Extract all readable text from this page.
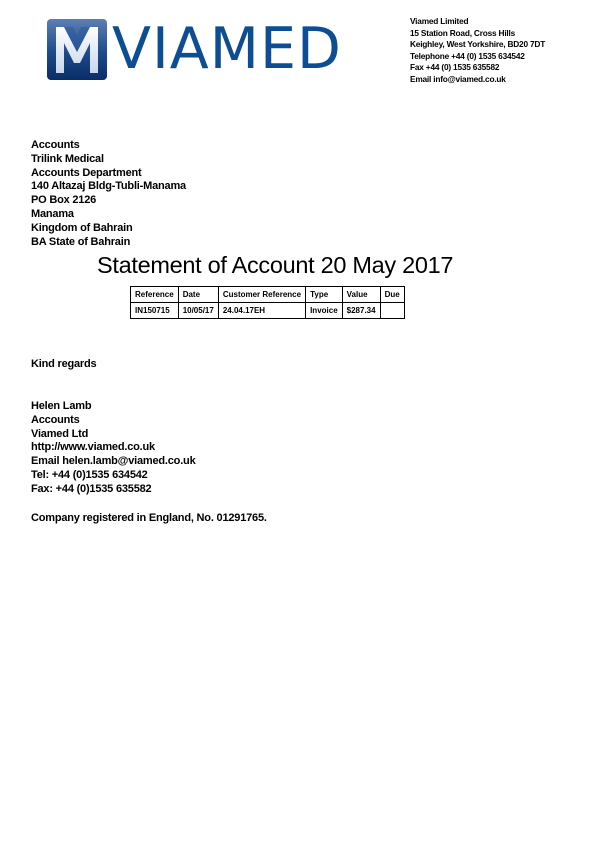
VIAMED	Viamed Limited
15 Station Road, Cross Hills
Keighley, West Yorkshire, BD20 7DT
Telephone +44 (0) 1535 634542
Fax +44 (0) 1535 635582
Email info@viamed.co.uk
Accounts
Trilink Medical
Accounts Department
140 Altazaj Bldg-Tubli-Manama
PO Box 2126
Manama
Kingdom of Bahrain
BA State of Bahrain
Statement of Account 20 May 2017
Reference	Date	Customer Reference	Type	Value	Due
IN150715	10/05/17	24.04.17EH	Invoice	$287.34	
Kind regards
Helen Lamb
Accounts
Viamed Ltd
http://www.viamed.co.uk
Email helen.lamb@viamed.co.uk
Tel: +44 (0)1535 634542
Fax: +44 (0)1535 635582
Company registered in England, No. 01291765.
